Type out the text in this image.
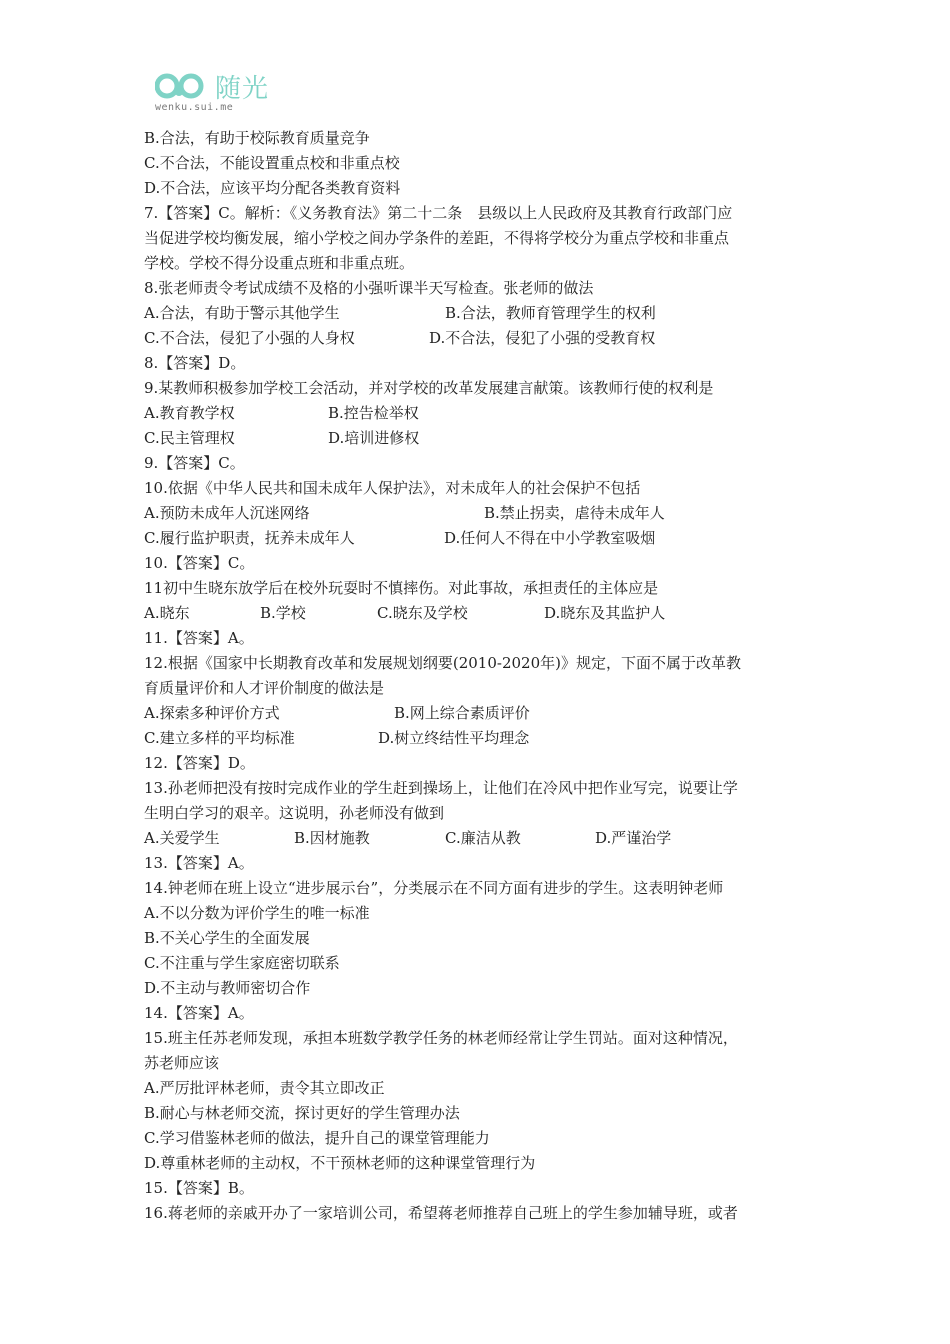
随光
wenku.sui.me
B.合法，有助于校际教育质量竞争
C.不合法，不能设置重点校和非重点校
D.不合法，应该平均分配各类教育资料
7.【答案】C。解析：《义务教育法》第二十二条　县级以上人民政府及其教育行政部门应
当促进学校均衡发展，缩小学校之间办学条件的差距，不得将学校分为重点学校和非重点
学校。学校不得分设重点班和非重点班。
8.张老师责令考试成绩不及格的小强听课半天写检查。张老师的做法
A.合法，有助于警示其他学生	B.合法，教师育管理学生的权利
C.不合法，侵犯了小强的人身权	D.不合法，侵犯了小强的受教育权
8.【答案】D。
9.某教师积极参加学校工会活动，并对学校的改革发展建言献策。该教师行使的权利是
A.教育教学权	B.控告检举权
C.民主管理权	D.培训进修权
9.【答案】C。
10.依据《中华人民共和国未成年人保护法》，对未成年人的社会保护不包括
A.预防未成年人沉迷网络	B.禁止拐卖，虐待未成年人
C.履行监护职责，抚养未成年人	D.任何人不得在中小学教室吸烟
10.【答案】C。
11初中生晓东放学后在校外玩耍时不慎摔伤。对此事故，承担责任的主体应是
A.晓东	B.学校	C.晓东及学校	D.晓东及其监护人
11.【答案】A。
12.根据《国家中长期教育改革和发展规划纲要(2010-2020年)》规定，下面不属于改革教
育质量评价和人才评价制度的做法是
A.探索多种评价方式	B.网上综合素质评价
C.建立多样的平均标准	D.树立终结性平均理念
12.【答案】D。
13.孙老师把没有按时完成作业的学生赶到操场上，让他们在冷风中把作业写完，说要让学
生明白学习的艰辛。这说明，孙老师没有做到
A.关爱学生	B.因材施教	C.廉洁从教	D.严谨治学
13.【答案】A。
14.钟老师在班上设立“进步展示台”，分类展示在不同方面有进步的学生。这表明钟老师
A.不以分数为评价学生的唯一标准
B.不关心学生的全面发展
C.不注重与学生家庭密切联系
D.不主动与教师密切合作
14.【答案】A。
15.班主任苏老师发现，承担本班数学教学任务的林老师经常让学生罚站。面对这种情况，
苏老师应该
A.严厉批评林老师，责令其立即改正
B.耐心与林老师交流，探讨更好的学生管理办法
C.学习借鉴林老师的做法，提升自己的课堂管理能力
D.尊重林老师的主动权，不干预林老师的这种课堂管理行为
15.【答案】B。
16.蒋老师的亲戚开办了一家培训公司，希望蒋老师推荐自己班上的学生参加辅导班，或者
